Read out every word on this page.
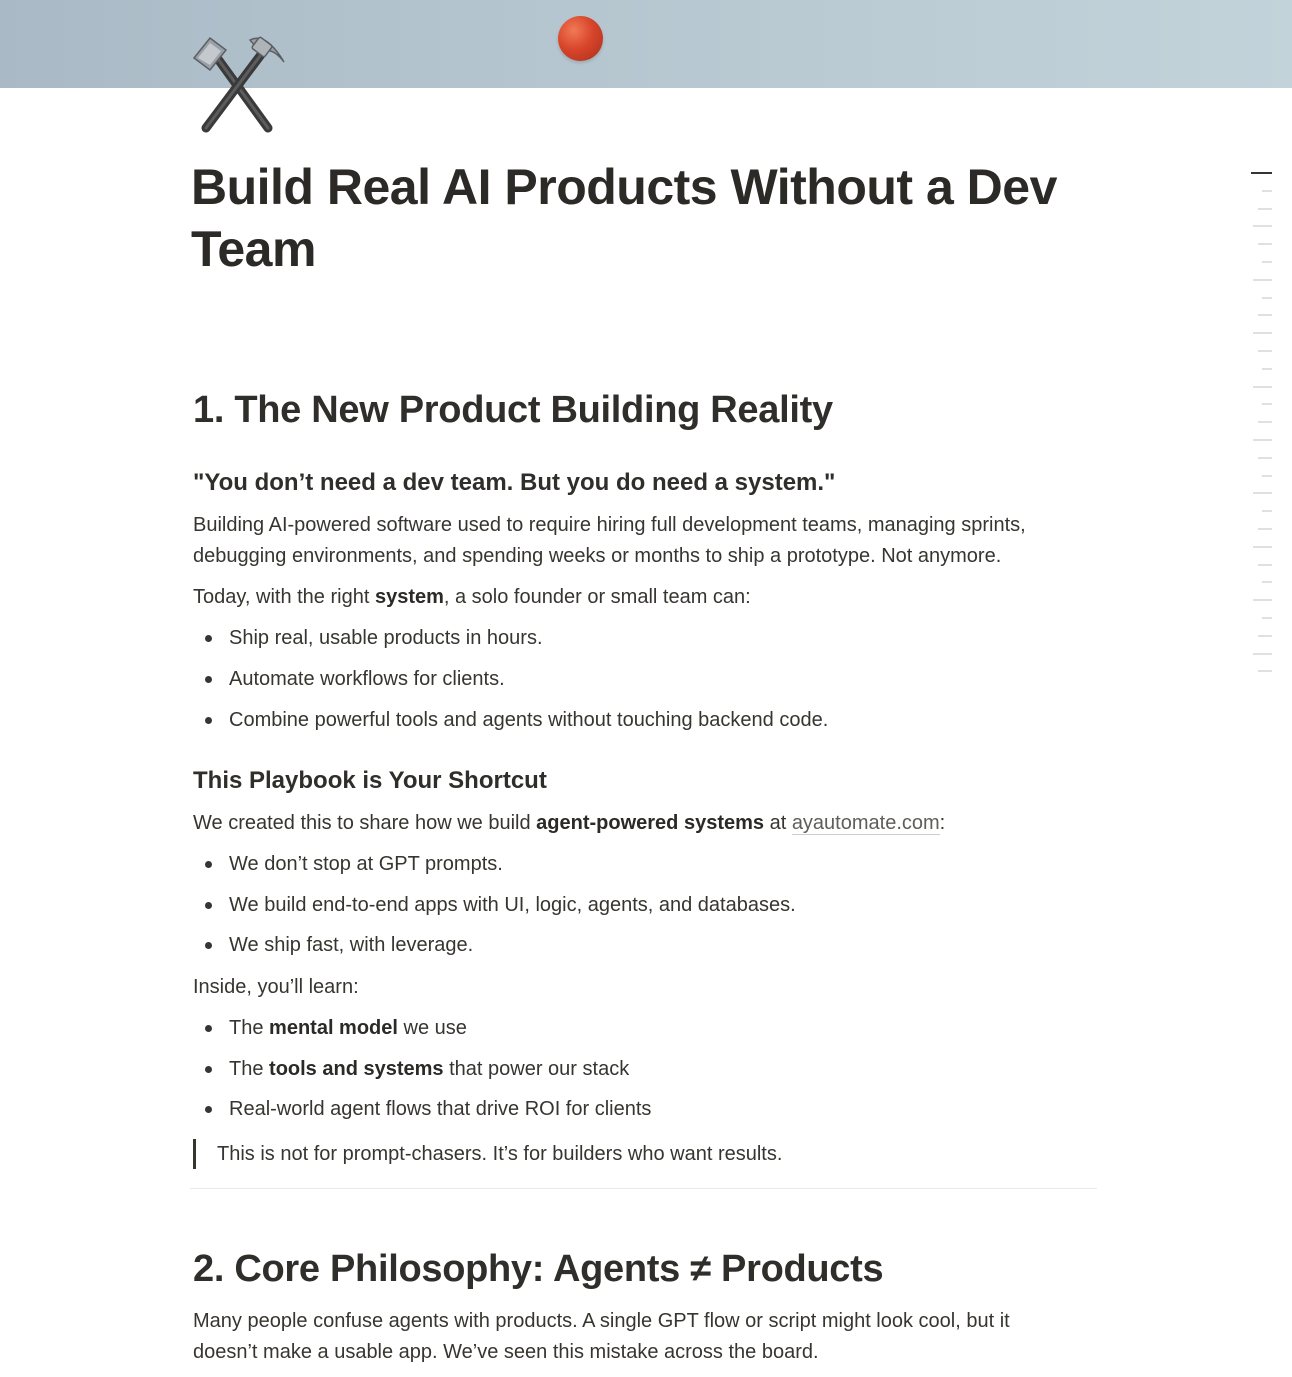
Build Real AI Products Without a Dev Team
1. The New Product Building Reality
"You don’t need a dev team. But you do need a system."

Building AI-powered software used to require hiring full development teams, managing sprints,

debugging environments, and spending weeks or months to ship a prototype. Not anymore.

Today, with the right system, a solo founder or small team can:

Ship real, usable products in hours.
Automate workflows for clients.
Combine powerful tools and agents without touching backend code.
This Playbook is Your Shortcut

We created this to share how we build agent-powered systems at ayautomate.com:

We don’t stop at GPT prompts.
We build end-to-end apps with UI, logic, agents, and databases.
We ship fast, with leverage.

Inside, you’ll learn:

The mental model we use
The tools and systems that power our stack
Real-world agent flows that drive ROI for clients

This is not for prompt-chasers. It’s for builders who want results.

2. Core Philosophy: Agents ≠ Products

Many people confuse agents with products. A single GPT flow or script might look cool, but it

doesn’t make a usable app. We’ve seen this mistake across the board.
